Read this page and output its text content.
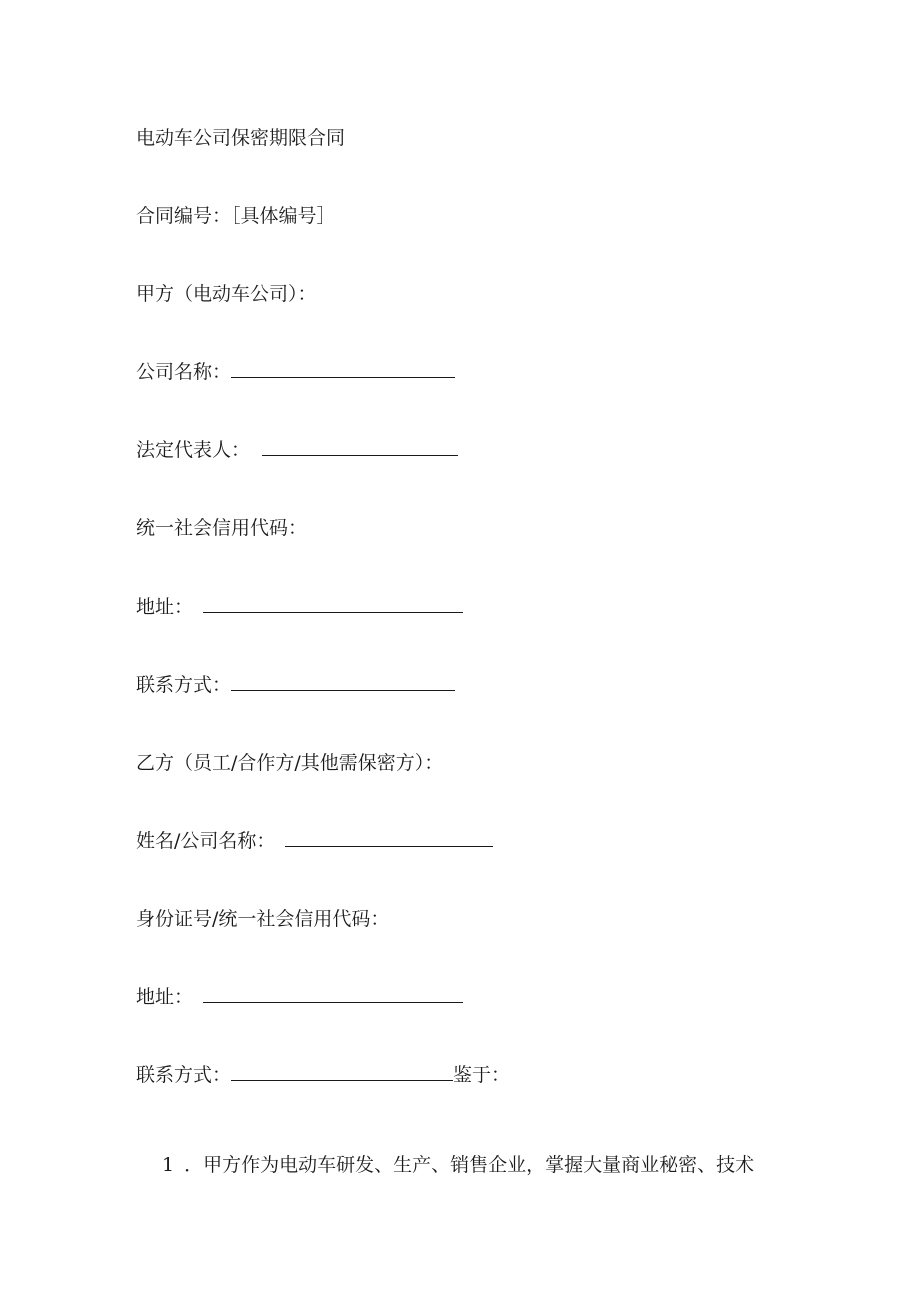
电动车公司保密期限合同
合同编号：［具体编号］
甲方（电动车公司）：
公司名称：
法定代表人：
统一社会信用代码：
地址：
联系方式：
乙方（员工/合作方/其他需保密方）：
姓名/公司名称：
身份证号/统一社会信用代码：
地址：
联系方式：	鉴于：
1 ．甲方作为电动车研发、生产、销售企业，掌握大量商业秘密、技术
